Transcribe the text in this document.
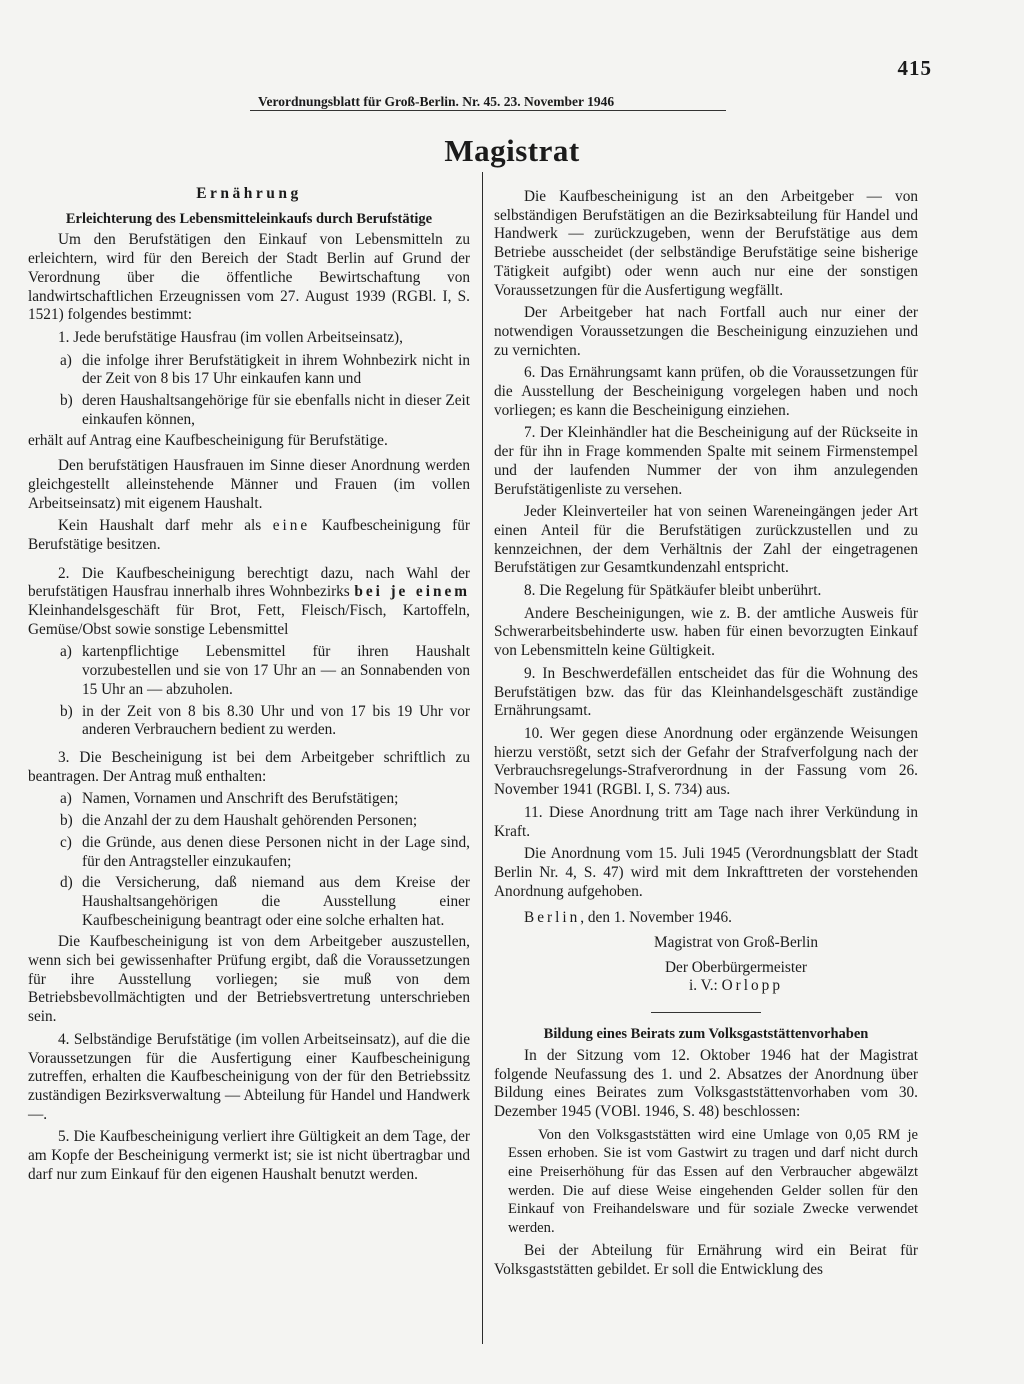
415
Verordnungsblatt für Groß-Berlin. Nr. 45. 23. November 1946
Magistrat

Ernährung

Erleichterung des Lebensmitteleinkaufs durch Berufstätige

Um den Berufstätigen den Einkauf von Lebensmitteln zu erleichtern, wird für den Bereich der Stadt Berlin auf Grund der Verordnung über die öffentliche Bewirtschaftung von landwirtschaftlichen Erzeugnissen vom 27. August 1939 (RGBl. I, S. 1521) folgendes bestimmt:

1. Jede berufstätige Hausfrau (im vollen Arbeitseinsatz),

a) die infolge ihrer Berufstätigkeit in ihrem Wohnbezirk nicht in der Zeit von 8 bis 17 Uhr einkaufen kann und

b) deren Haushaltsangehörige für sie ebenfalls nicht in dieser Zeit einkaufen können,

erhält auf Antrag eine Kaufbescheinigung für Berufstätige.

Den berufstätigen Hausfrauen im Sinne dieser Anordnung werden gleichgestellt alleinstehende Männer und Frauen (im vollen Arbeitseinsatz) mit eigenem Haushalt.

Kein Haushalt darf mehr als eine Kaufbescheinigung für Berufstätige besitzen.

2. Die Kaufbescheinigung berechtigt dazu, nach Wahl der berufstätigen Hausfrau innerhalb ihres Wohnbezirks bei je einem Kleinhandelsgeschäft für Brot, Fett, Fleisch/Fisch, Kartoffeln, Gemüse/Obst sowie sonstige Lebensmittel

a) kartenpflichtige Lebensmittel für ihren Haushalt vorzubestellen und sie von 17 Uhr an — an Sonnabenden von 15 Uhr an — abzuholen.

b) in der Zeit von 8 bis 8.30 Uhr und von 17 bis 19 Uhr vor anderen Verbrauchern bedient zu werden.

3. Die Bescheinigung ist bei dem Arbeitgeber schriftlich zu beantragen. Der Antrag muß enthalten:

a) Namen, Vornamen und Anschrift des Berufstätigen;

b) die Anzahl der zu dem Haushalt gehörenden Personen;

c) die Gründe, aus denen diese Personen nicht in der Lage sind, für den Antragsteller einzukaufen;

d) die Versicherung, daß niemand aus dem Kreise der Haushaltsangehörigen die Ausstellung einer Kaufbescheinigung beantragt oder eine solche erhalten hat.

Die Kaufbescheinigung ist von dem Arbeitgeber auszustellen, wenn sich bei gewissenhafter Prüfung ergibt, daß die Voraussetzungen für ihre Ausstellung vorliegen; sie muß von dem Betriebsbevollmächtigten und der Betriebsvertretung unterschrieben sein.

4. Selbständige Berufstätige (im vollen Arbeitseinsatz), auf die die Voraussetzungen für die Ausfertigung einer Kaufbescheinigung zutreffen, erhalten die Kaufbescheinigung von der für den Betriebssitz zuständigen Bezirksverwaltung — Abteilung für Handel und Handwerk —.

5. Die Kaufbescheinigung verliert ihre Gültigkeit an dem Tage, der am Kopfe der Bescheinigung vermerkt ist; sie ist nicht übertragbar und darf nur zum Einkauf für den eigenen Haushalt benutzt werden.

Die Kaufbescheinigung ist an den Arbeitgeber — von selbständigen Berufstätigen an die Bezirksabteilung für Handel und Handwerk — zurückzugeben, wenn der Berufstätige aus dem Betriebe ausscheidet (der selbständige Berufstätige seine bisherige Tätigkeit aufgibt) oder wenn auch nur eine der sonstigen Voraussetzungen für die Ausfertigung wegfällt.

Der Arbeitgeber hat nach Fortfall auch nur einer der notwendigen Voraussetzungen die Bescheinigung einzuziehen und zu vernichten.

6. Das Ernährungsamt kann prüfen, ob die Voraussetzungen für die Ausstellung der Bescheinigung vorgelegen haben und noch vorliegen; es kann die Bescheinigung einziehen.

7. Der Kleinhändler hat die Bescheinigung auf der Rückseite in der für ihn in Frage kommenden Spalte mit seinem Firmenstempel und der laufenden Nummer der von ihm anzulegenden Berufstätigenliste zu versehen.

Jeder Kleinverteiler hat von seinen Wareneingängen jeder Art einen Anteil für die Berufstätigen zurückzustellen und zu kennzeichnen, der dem Verhältnis der Zahl der eingetragenen Berufstätigen zur Gesamtkundenzahl entspricht.

8. Die Regelung für Spätkäufer bleibt unberührt.

Andere Bescheinigungen, wie z. B. der amtliche Ausweis für Schwerarbeitsbehinderte usw. haben für einen bevorzugten Einkauf von Lebensmitteln keine Gültigkeit.

9. In Beschwerdefällen entscheidet das für die Wohnung des Berufstätigen bzw. das für das Kleinhandelsgeschäft zuständige Ernährungsamt.

10. Wer gegen diese Anordnung oder ergänzende Weisungen hierzu verstößt, setzt sich der Gefahr der Strafverfolgung nach der Verbrauchsregelungs-Strafverordnung in der Fassung vom 26. November 1941 (RGBl. I, S. 734) aus.

11. Diese Anordnung tritt am Tage nach ihrer Verkündung in Kraft.

Die Anordnung vom 15. Juli 1945 (Verordnungsblatt der Stadt Berlin Nr. 4, S. 47) wird mit dem Inkrafttreten der vorstehenden Anordnung aufgehoben.

Berlin, den 1. November 1946.

Magistrat von Groß-Berlin

Der Oberbürgermeister

i. V.: Orlopp

Bildung eines Beirats zum Volksgaststättenvorhaben

In der Sitzung vom 12. Oktober 1946 hat der Magistrat folgende Neufassung des 1. und 2. Absatzes der Anordnung über Bildung eines Beirates zum Volksgaststättenvorhaben vom 30. Dezember 1945 (VOBl. 1946, S. 48) beschlossen:

Von den Volksgaststätten wird eine Umlage von 0,05 RM je Essen erhoben. Sie ist vom Gastwirt zu tragen und darf nicht durch eine Preiserhöhung für das Essen auf den Verbraucher abgewälzt werden. Die auf diese Weise eingehenden Gelder sollen für den Einkauf von Freihandelsware und für soziale Zwecke verwendet werden.

Bei der Abteilung für Ernährung wird ein Beirat für Volksgaststätten gebildet. Er soll die Entwicklung des
